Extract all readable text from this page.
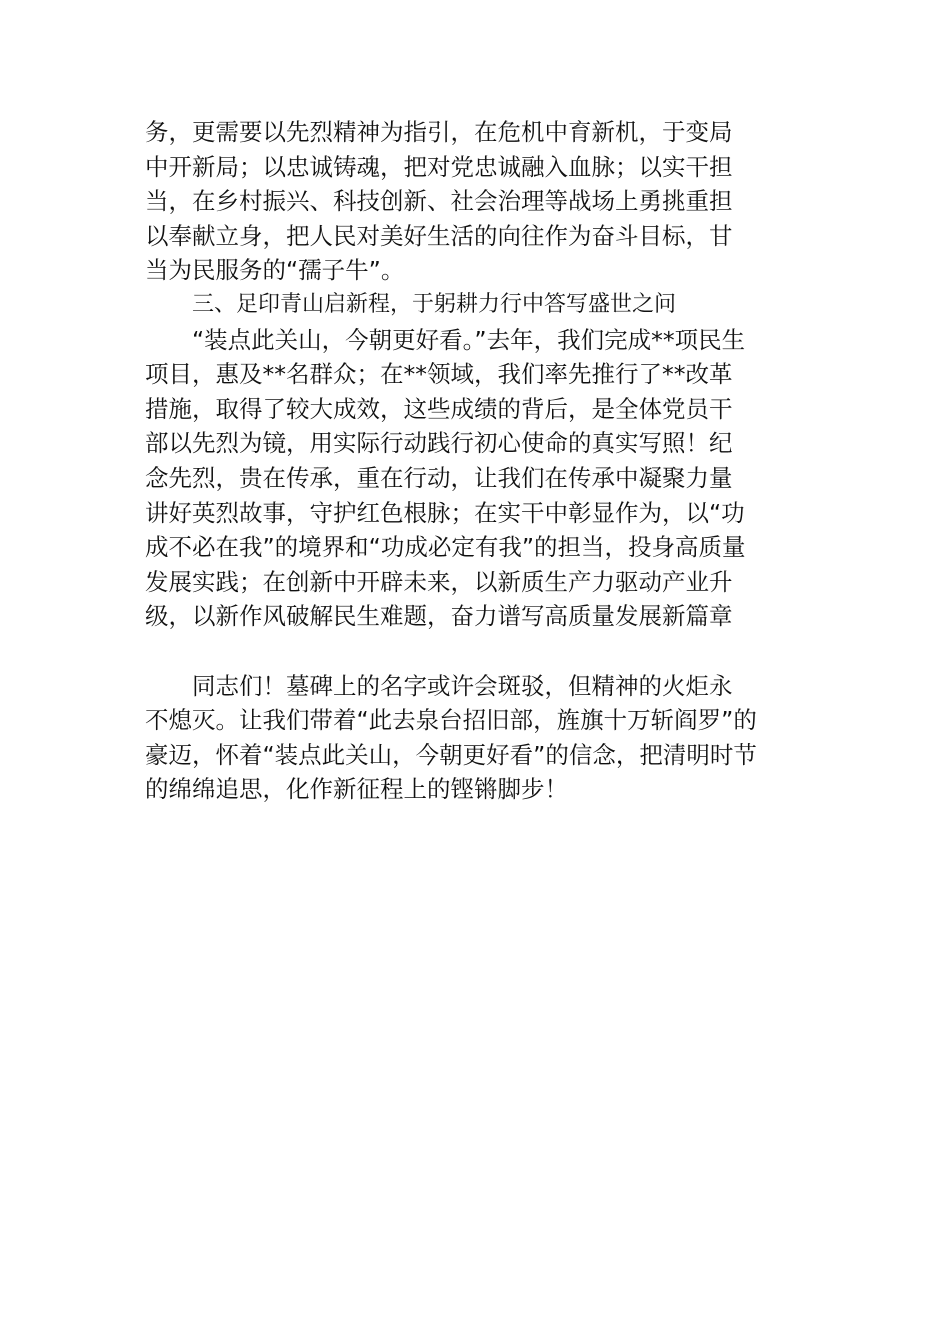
务，更需要以先烈精神为指引，在危机中育新机，于变局
中开新局；以忠诚铸魂，把对党忠诚融入血脉；以实干担
当，在乡村振兴、科技创新、社会治理等战场上勇挑重担
以奉献立身，把人民对美好生活的向往作为奋斗目标，甘
当为民服务的“孺子牛”。
三、足印青山启新程，于躬耕力行中答写盛世之问
“装点此关山，今朝更好看。”去年，我们完成**项民生
项目，惠及**名群众；在**领域，我们率先推行了**改革
措施，取得了较大成效，这些成绩的背后，是全体党员干
部以先烈为镜，用实际行动践行初心使命的真实写照！纪
念先烈，贵在传承，重在行动，让我们在传承中凝聚力量
讲好英烈故事，守护红色根脉；在实干中彰显作为，以“功
成不必在我”的境界和“功成必定有我”的担当，投身高质量
发展实践；在创新中开辟未来，以新质生产力驱动产业升
级，以新作风破解民生难题，奋力谱写高质量发展新篇章
同志们！墓碑上的名字或许会斑驳，但精神的火炬永
不熄灭。让我们带着“此去泉台招旧部，旌旗十万斩阎罗”的
豪迈，怀着“装点此关山，今朝更好看”的信念，把清明时节
的绵绵追思，化作新征程上的铿锵脚步！
